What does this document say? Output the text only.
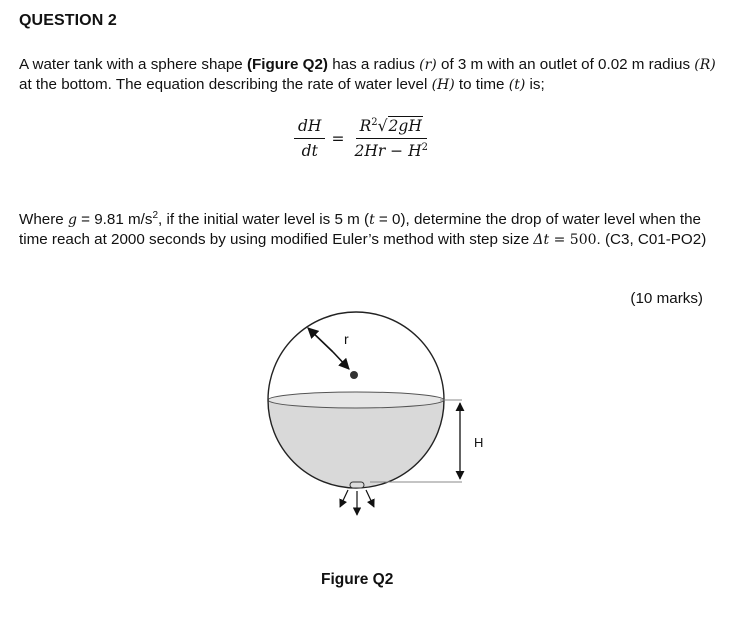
QUESTION 2
A water tank with a sphere shape (Figure Q2) has a radius (r) of 3 m with an outlet of 0.02 m radius (R) at the bottom. The equation describing the rate of water level (H) to time (t) is;
$\frac{dH}{dt} = \frac{R^2√2gH}{2Hr - H^2}$
Where g = 9.81 $m/s^2$, if the initial water level is 5 m (t = 0), determine the drop of water level when the time reach at 2000 seconds by using modified Euler’s method with step size Δt = 500. (C3, C01-PO2)
(10 marks)
r
H
Figure Q2
